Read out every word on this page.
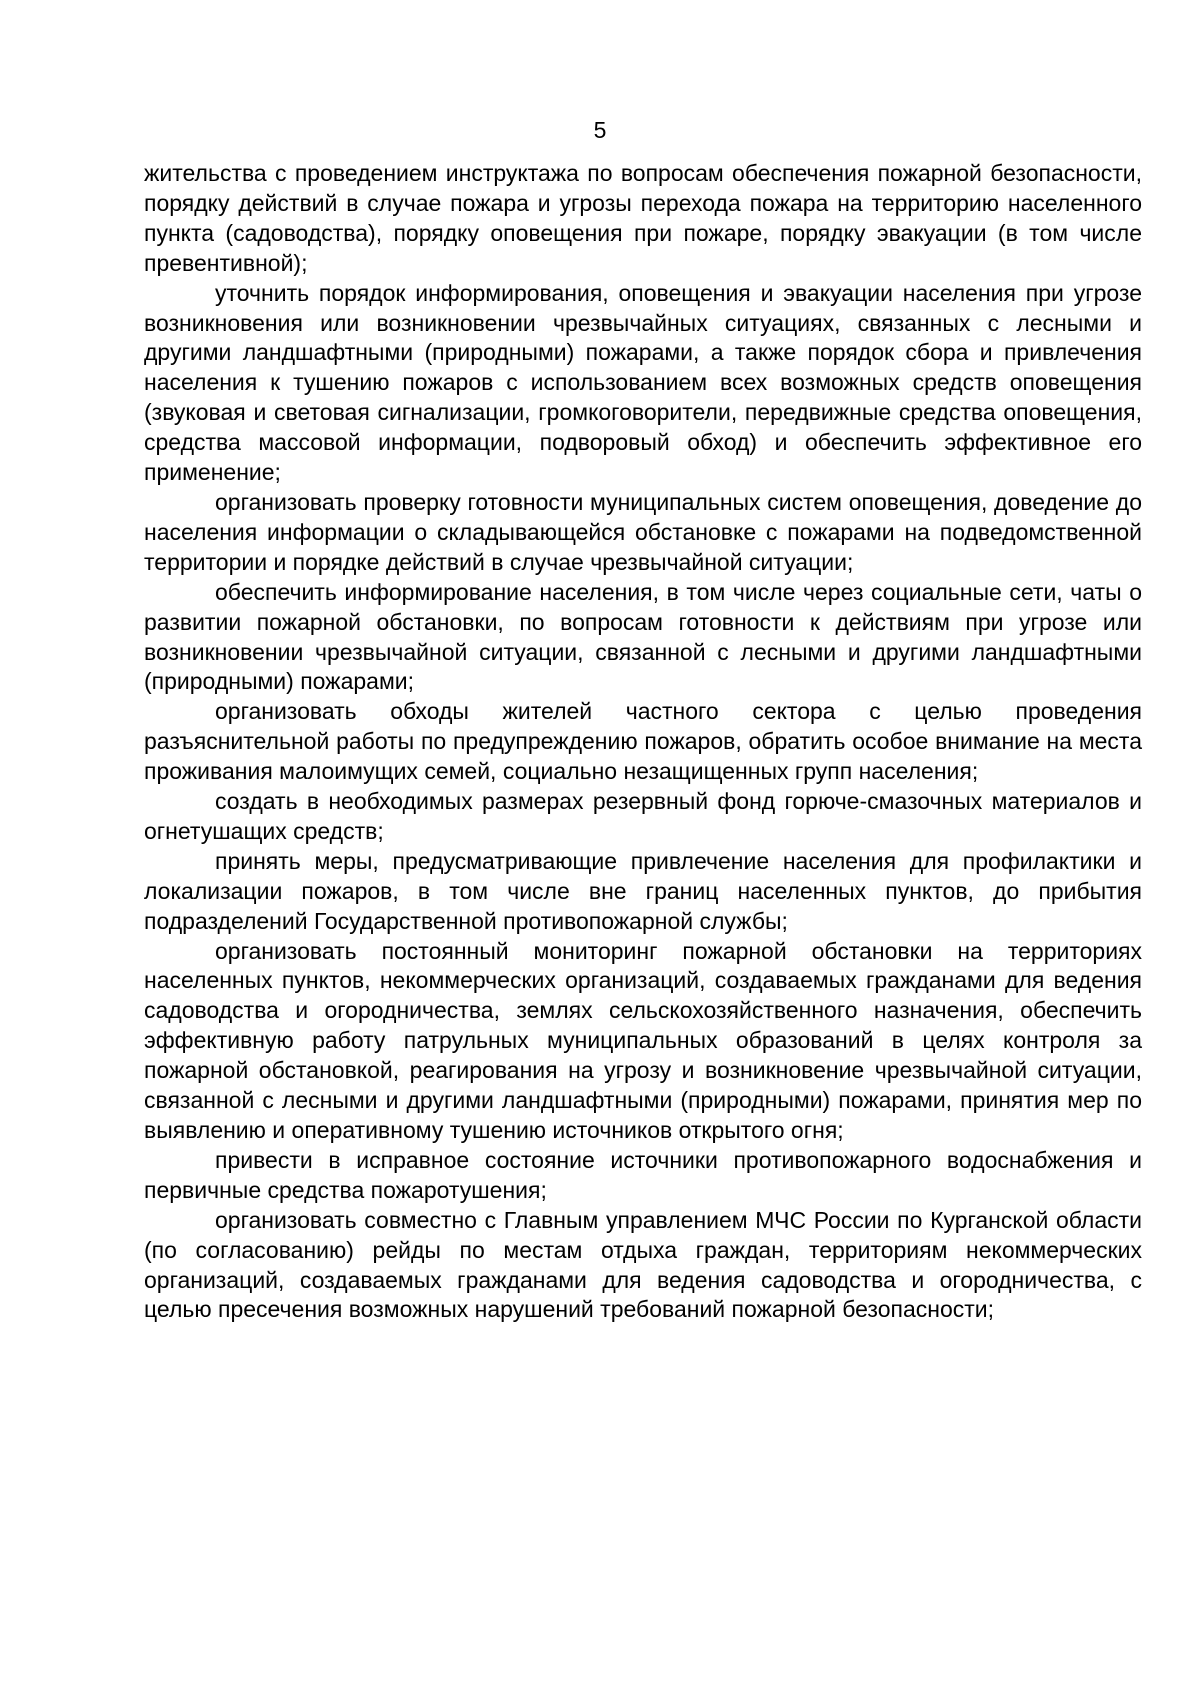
5

жительства с проведением инструктажа по вопросам обеспечения пожарной безопасности, порядку действий в случае пожара и угрозы перехода пожара на территорию населенного пункта (садоводства), порядку оповещения при пожаре, порядку эвакуации (в том числе превентивной);

уточнить порядок информирования, оповещения и эвакуации населения при угрозе возникновения или возникновении чрезвычайных ситуациях, связанных с лесными и другими ландшафтными (природными) пожарами, а также порядок сбора и привлечения населения к тушению пожаров с использованием всех возможных средств оповещения (звуковая и световая сигнализации, громкоговорители, передвижные средства оповещения, средства массовой информации, подворовый обход) и обеспечить эффективное его применение;

организовать проверку готовности муниципальных систем оповещения, доведение до населения информации о складывающейся обстановке с пожарами на подведомственной территории и порядке действий в случае чрезвычайной ситуации;

обеспечить информирование населения, в том числе через социальные сети, чаты о развитии пожарной обстановки, по вопросам готовности к действиям при угрозе или возникновении чрезвычайной ситуации, связанной с лесными и другими ландшафтными (природными) пожарами;

организовать обходы жителей частного сектора с целью проведения разъяснительной работы по предупреждению пожаров, обратить особое внимание на места проживания малоимущих семей, социально незащищенных групп населения;

создать в необходимых размерах резервный фонд горюче-смазочных материалов и огнетушащих средств;

принять меры, предусматривающие привлечение населения для профилактики и локализации пожаров, в том числе вне границ населенных пунктов, до прибытия подразделений Государственной противопожарной службы;

организовать постоянный мониторинг пожарной обстановки на территориях населенных пунктов, некоммерческих организаций, создаваемых гражданами для ведения садоводства и огородничества, землях сельскохозяйственного назначения, обеспечить эффективную работу патрульных муниципальных образований в целях контроля за пожарной обстановкой, реагирования на угрозу и возникновение чрезвычайной ситуации, связанной с лесными и другими ландшафтными (природными) пожарами, принятия мер по выявлению и оперативному тушению источников открытого огня;

привести в исправное состояние источники противопожарного водоснабжения и первичные средства пожаротушения;

организовать совместно с Главным управлением МЧС России по Курганской области (по согласованию) рейды по местам отдыха граждан, территориям некоммерческих организаций, создаваемых гражданами для ведения садоводства и огородничества, с целью пресечения возможных нарушений требований пожарной безопасности;
